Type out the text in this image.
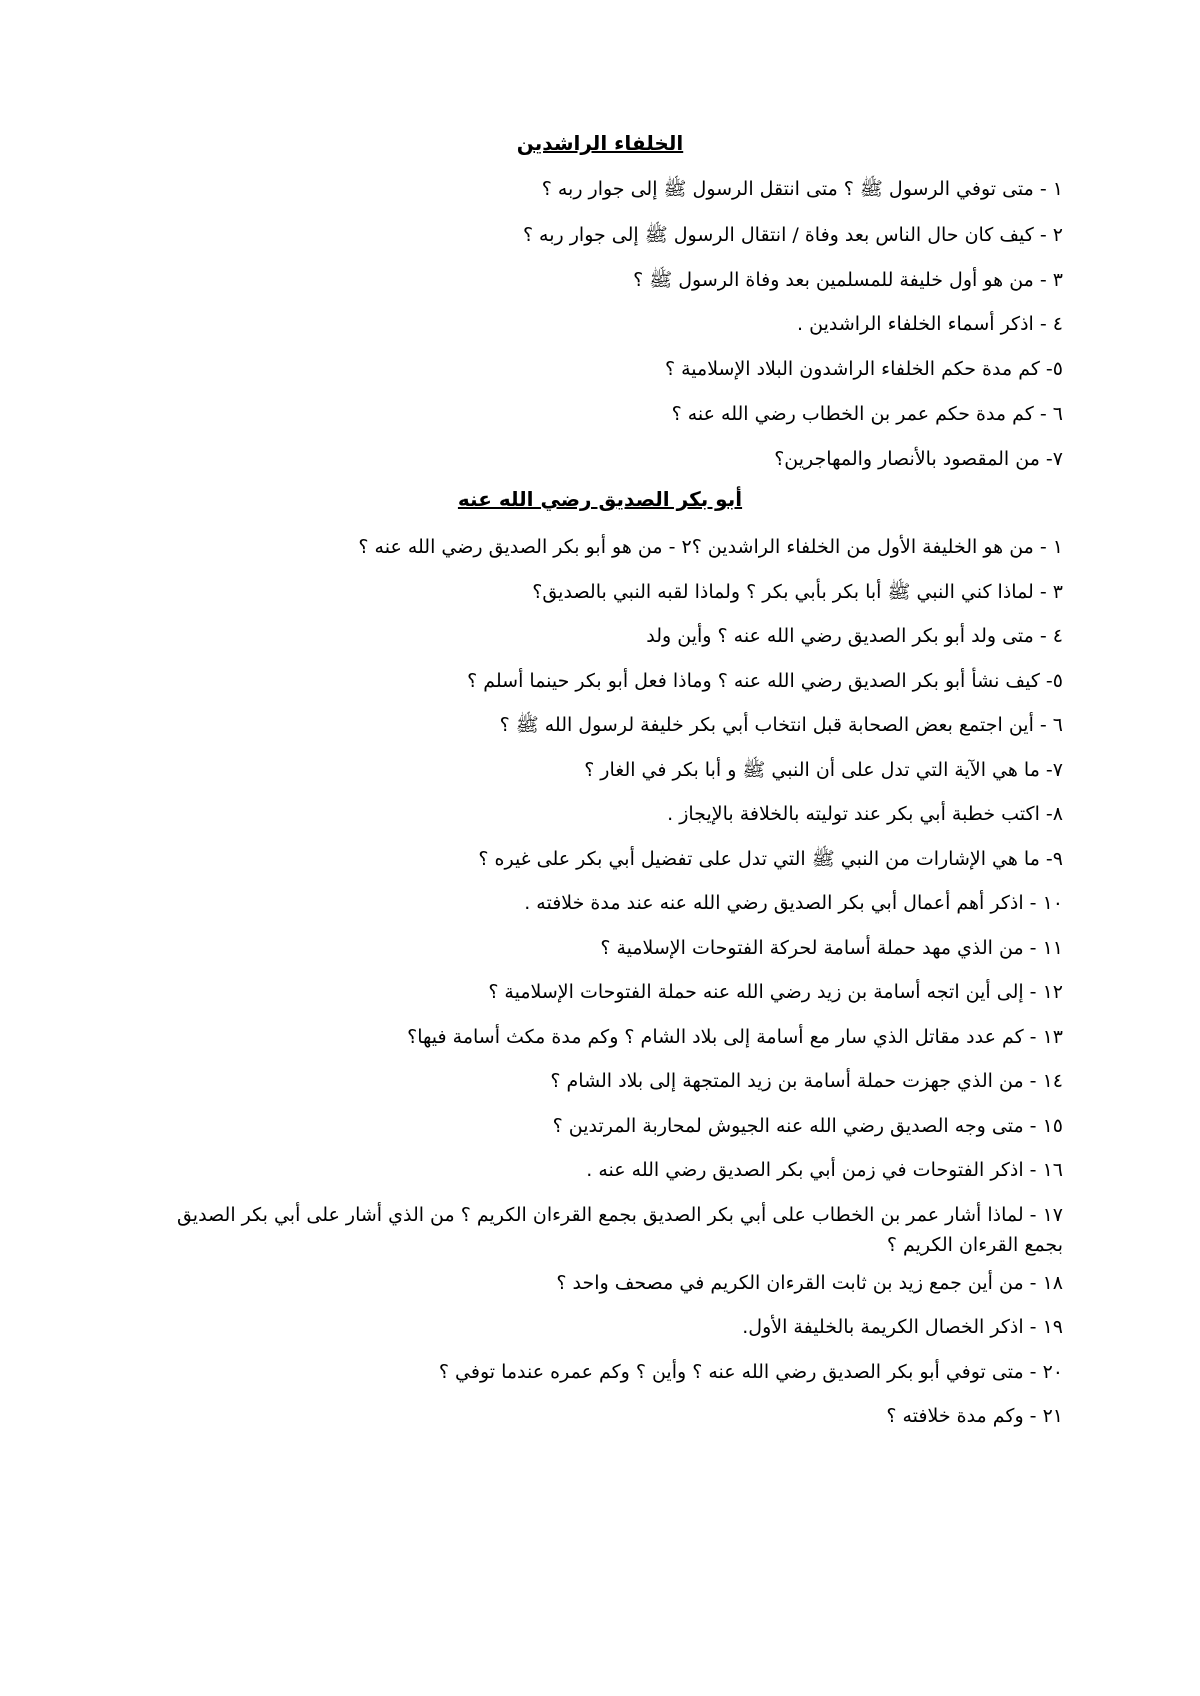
الخلفاء الراشدين
١ - متى توفي الرسول ﷺ ؟ متى انتقل الرسول ﷺ إلى جوار ربه ؟
٢ - كيف كان حال الناس بعد وفاة / انتقال الرسول ﷺ إلى جوار ربه ؟
٣ - من هو أول خليفة للمسلمين بعد وفاة الرسول ﷺ ؟
٤ - اذكر أسماء الخلفاء الراشدين .
٥- كم مدة حكم الخلفاء الراشدون البلاد الإسلامية ؟
٦ - كم مدة حكم عمر بن الخطاب رضي الله عنه ؟
٧- من المقصود بالأنصار والمهاجرين؟
أبو بكر الصديق رضي الله عنه
١ - من هو الخليفة الأول من الخلفاء الراشدين ؟٢ - من هو أبو بكر الصديق رضي الله عنه ؟
٣ - لماذا كني النبي ﷺ أبا بكر بأبي بكر ؟ ولماذا لقبه النبي بالصديق؟
٤ - متى ولد أبو بكر الصديق رضي الله عنه ؟ وأين ولد
٥- كيف نشأ أبو بكر الصديق رضي الله عنه ؟ وماذا فعل أبو بكر حينما أسلم ؟
٦ - أين اجتمع بعض الصحابة قبل انتخاب أبي بكر خليفة لرسول الله ﷺ ؟
٧- ما هي الآية التي تدل على أن النبي ﷺ و أبا بكر في الغار ؟
٨- اكتب خطبة أبي بكر عند توليته بالخلافة بالإيجاز .
٩- ما هي الإشارات من النبي ﷺ التي تدل على تفضيل أبي بكر على غيره ؟
١٠ - اذكر أهم أعمال أبي بكر الصديق رضي الله عنه عند مدة خلافته .
١١ - من الذي مهد حملة أسامة لحركة الفتوحات الإسلامية ؟
١٢ - إلى أين اتجه أسامة بن زيد رضي الله عنه حملة الفتوحات الإسلامية ؟
١٣ - كم عدد مقاتل الذي سار مع أسامة إلى بلاد الشام ؟ وكم مدة مكث أسامة فيها؟
١٤ - من الذي جهزت حملة أسامة بن زيد المتجهة إلى بلاد الشام ؟
١٥ - متى وجه الصديق رضي الله عنه الجيوش لمحاربة المرتدين ؟
١٦ - اذكر الفتوحات في زمن أبي بكر الصديق رضي الله عنه .
١٧ - لماذا أشار عمر بن الخطاب على أبي بكر الصديق بجمع القرءان الكريم ؟ من الذي أشار على أبي بكر الصديق بجمع القرءان الكريم ؟
١٨ - من أين جمع زيد بن ثابت القرءان الكريم في مصحف واحد ؟
١٩ - اذكر الخصال الكريمة بالخليفة الأول.
٢٠ - متى توفي أبو بكر الصديق رضي الله عنه ؟ وأين ؟ وكم عمره عندما توفي ؟
٢١ - وكم مدة خلافته ؟
